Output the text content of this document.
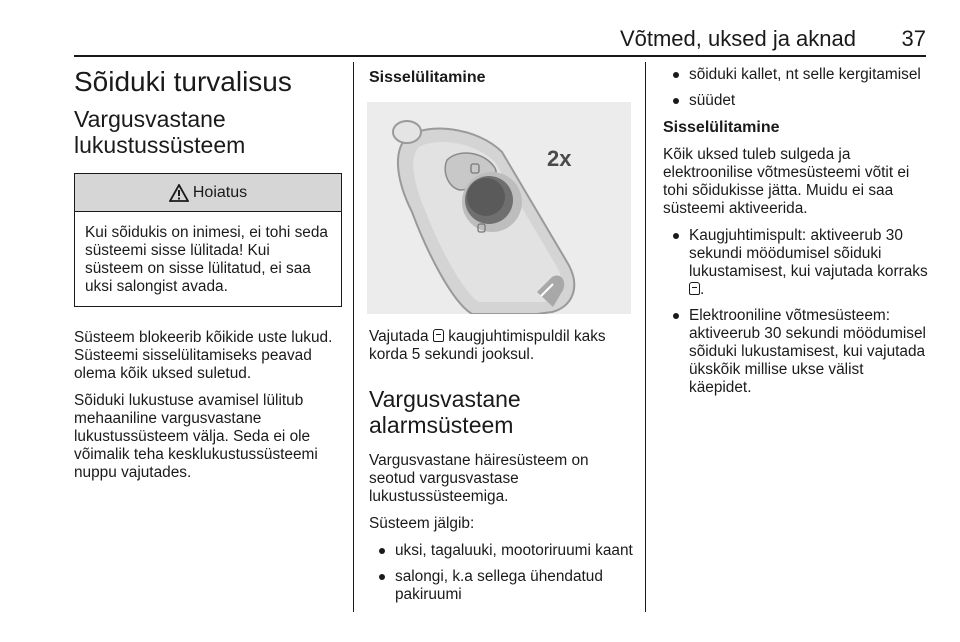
Võtmed, uksed ja aknad 37
Sõiduki turvalisus
Vargusvastane lukustussüsteem
Hoiatus

Kui sõidukis on inimesi, ei tohi seda süsteemi sisse lülitada! Kui süsteem on sisse lülitatud, ei saa uksi salongist avada.

Süsteem blokeerib kõikide uste lukud. Süsteemi sisselülitamiseks peavad olema kõik uksed suletud.

Sõiduki lukustuse avamisel lülitub mehaaniline vargusvastane lukustussüsteem välja. Seda ei ole võimalik teha kesklukustussüsteemi nuppu vajutades.

Sisselülitamine
2x

Vajutada kaugjuhtimispuldil kaks korda 5 sekundi jooksul.

Vargusvastane alarmsüsteem

Vargusvastane häiresüsteem on seotud vargusvastase lukustussüsteemiga.

Süsteem jälgib:

uksi, tagaluuki, mootoriruumi kaant
salongi, k.a sellega ühendatud pakiruumi
sõiduki kallet, nt selle kergitamisel
süüdet
Sisselülitamine

Kõik uksed tuleb sulgeda ja elektroonilise võtmesüsteemi võtit ei tohi sõidukisse jätta. Muidu ei saa süsteemi aktiveerida.

Kaugjuhtimispult: aktiveerub 30 sekundi möödumisel sõiduki lukustamisest, kui vajutada korraks .
Elektrooniline võtmesüsteem: aktiveerub 30 sekundi möödumisel sõiduki lukustamisest, kui vajutada ükskõik millise ukse välist käepidet.
